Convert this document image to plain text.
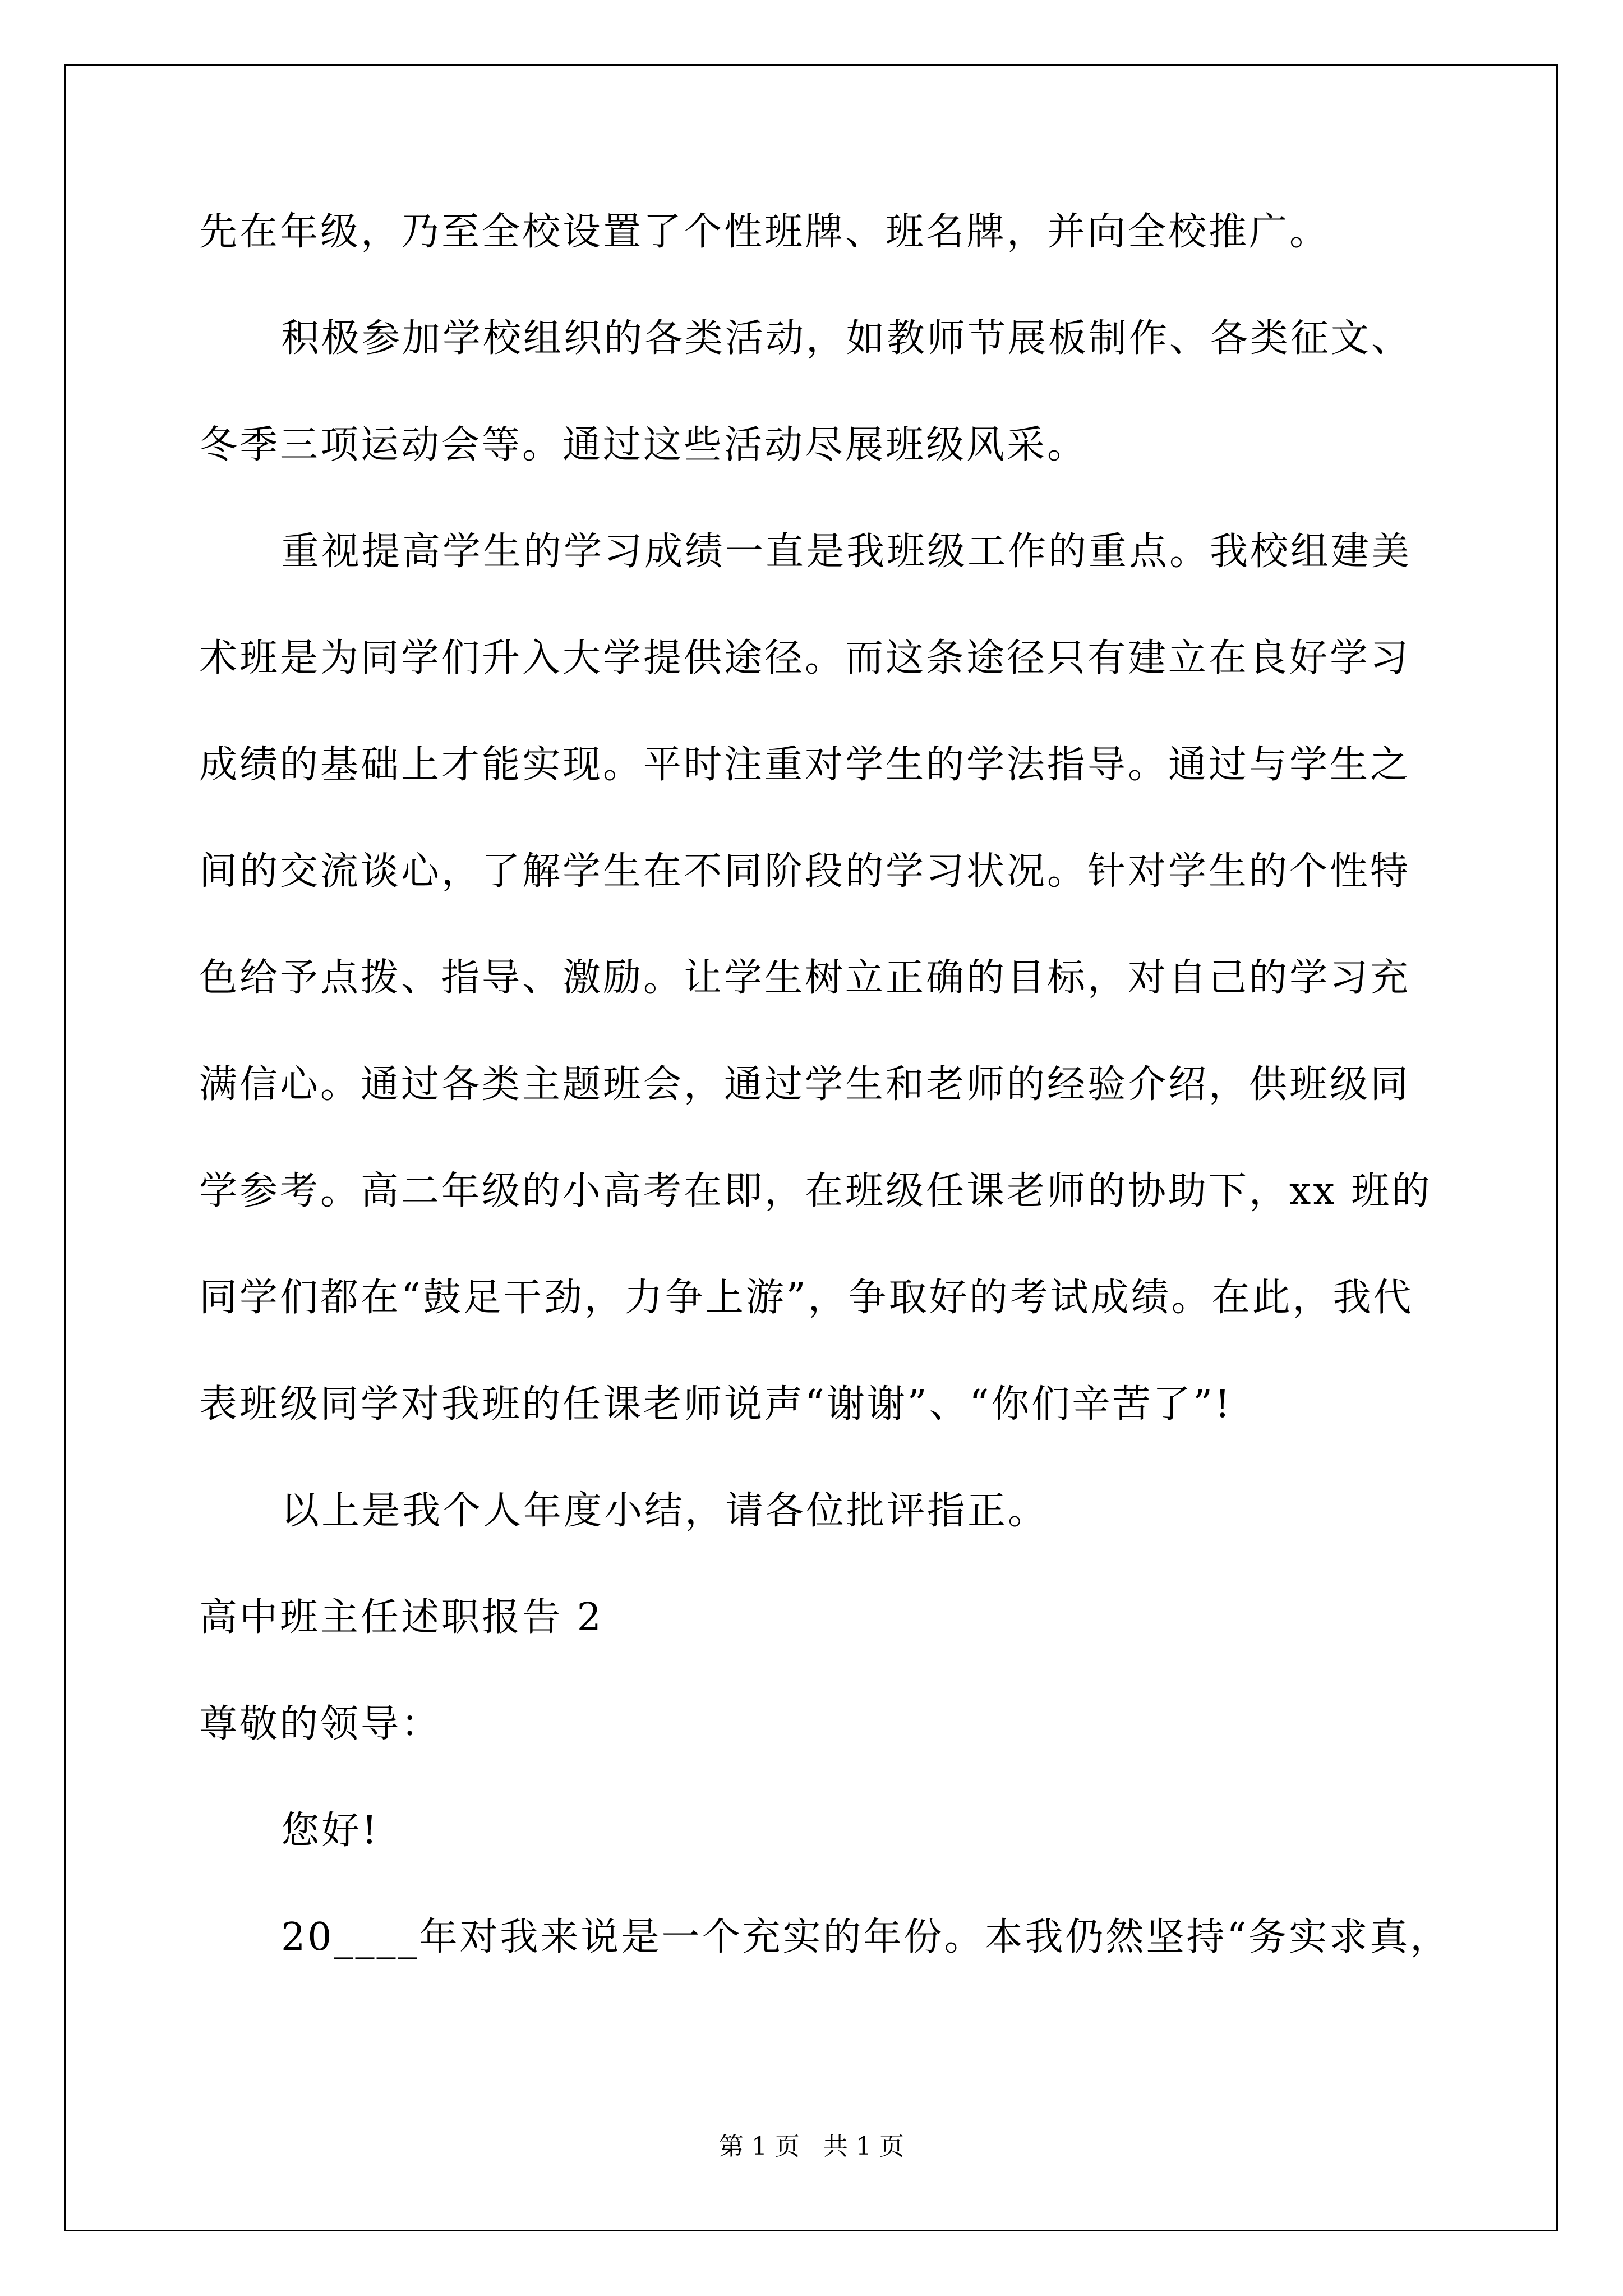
先在年级，乃至全校设置了个性班牌、班名牌，并向全校推广。
积极参加学校组织的各类活动，如教师节展板制作、各类征文、
冬季三项运动会等。通过这些活动尽展班级风采。
重视提高学生的学习成绩一直是我班级工作的重点。我校组建美
术班是为同学们升入大学提供途径。而这条途径只有建立在良好学习
成绩的基础上才能实现。平时注重对学生的学法指导。通过与学生之
间的交流谈心，了解学生在不同阶段的学习状况。针对学生的个性特
色给予点拨、指导、激励。让学生树立正确的目标，对自己的学习充
满信心。通过各类主题班会，通过学生和老师的经验介绍，供班级同
学参考。高二年级的小高考在即，在班级任课老师的协助下，xx 班的
同学们都在“鼓足干劲，力争上游”，争取好的考试成绩。在此，我代
表班级同学对我班的任课老师说声“谢谢”、“你们辛苦了”!
以上是我个人年度小结，请各位批评指正。
高中班主任述职报告 2
尊敬的领导：
您好!
20____年对我来说是一个充实的年份。本我仍然坚持“务实求真，
第 1 页 共 1 页
